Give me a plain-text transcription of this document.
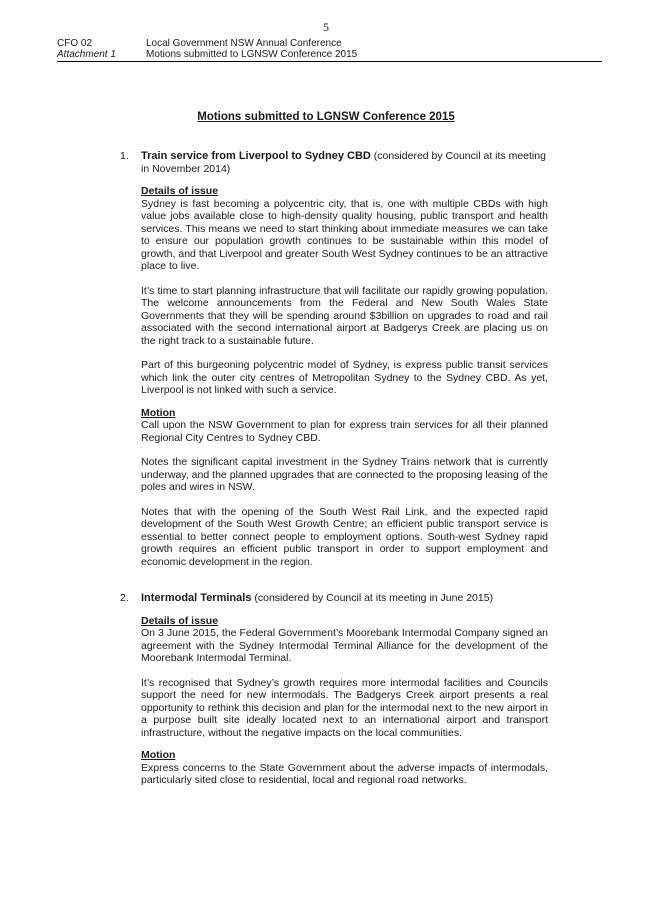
5
CFO 02
Attachment 1
Local Government NSW Annual Conference
Motions submitted to LGNSW Conference 2015
Motions submitted to LGNSW Conference 2015
1. Train service from Liverpool to Sydney CBD (considered by Council at its meeting in November 2014)

Details of issue

Sydney is fast becoming a polycentric city, that is, one with multiple CBDs with high value jobs available close to high-density quality housing, public transport and health services. This means we need to start thinking about immediate measures we can take to ensure our population growth continues to be sustainable within this model of growth, and that Liverpool and greater South West Sydney continues to be an attractive place to live.

It’s time to start planning infrastructure that will facilitate our rapidly growing population. The welcome announcements from the Federal and New South Wales State Governments that they will be spending around $3billion on upgrades to road and rail associated with the second international airport at Badgerys Creek are placing us on the right track to a sustainable future.

Part of this burgeoning polycentric model of Sydney, is express public transit services which link the outer city centres of Metropolitan Sydney to the Sydney CBD. As yet, Liverpool is not linked with such a service.

Motion

Call upon the NSW Government to plan for express train services for all their planned Regional City Centres to Sydney CBD.

Notes the significant capital investment in the Sydney Trains network that is currently underway, and the planned upgrades that are connected to the proposing leasing of the poles and wires in NSW.

Notes that with the opening of the South West Rail Link, and the expected rapid development of the South West Growth Centre; an efficient public transport service is essential to better connect people to employment options. South-west Sydney rapid growth requires an efficient public transport in order to support employment and economic development in the region.

2. Intermodal Terminals (considered by Council at its meeting in June 2015)

Details of issue

On 3 June 2015, the Federal Government’s Moorebank Intermodal Company signed an agreement with the Sydney Intermodal Terminal Alliance for the development of the Moorebank Intermodal Terminal.

It’s recognised that Sydney’s growth requires more intermodal facilities and Councils support the need for new intermodals. The Badgerys Creek airport presents a real opportunity to rethink this decision and plan for the intermodal next to the new airport in a purpose built site ideally located next to an international airport and transport infrastructure, without the negative impacts on the local communities.

Motion

Express concerns to the State Government about the adverse impacts of intermodals, particularly sited close to residential, local and regional road networks.
